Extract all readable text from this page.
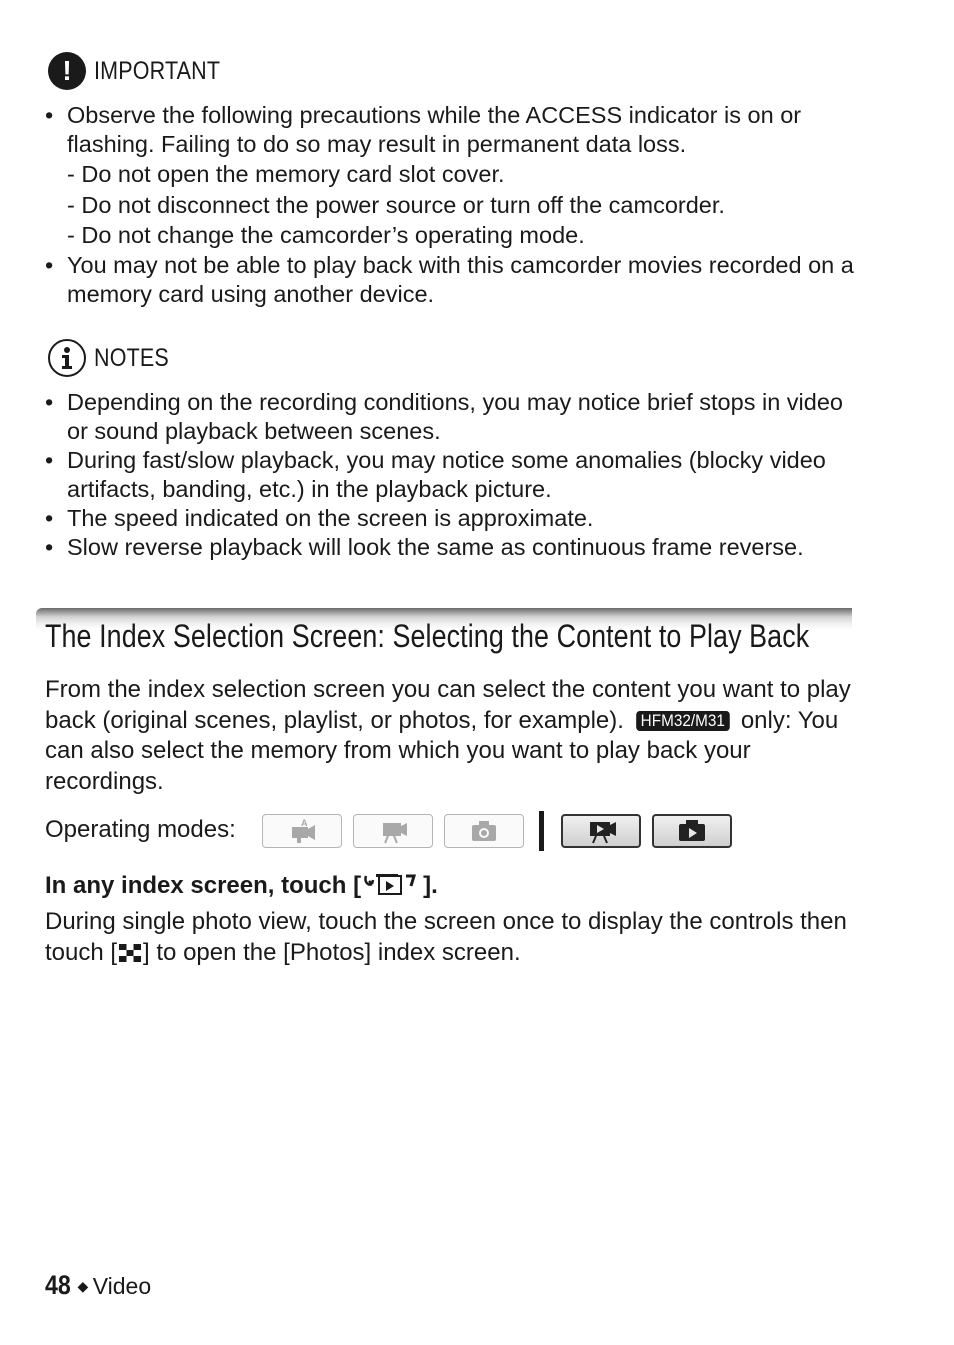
! IMPORTANT
• Observe the following precautions while the ACCESS indicator is on or flashing. Failing to do so may result in permanent data loss.
- Do not open the memory card slot cover.
- Do not disconnect the power source or turn off the camcorder.
- Do not change the camcorder’s operating mode.
• You may not be able to play back with this camcorder movies recorded on a memory card using another device.
NOTES
• Depending on the recording conditions, you may notice brief stops in video or sound playback between scenes.
• During fast/slow playback, you may notice some anomalies (blocky video artifacts, banding, etc.) in the playback picture.
• The speed indicated on the screen is approximate.
• Slow reverse playback will look the same as continuous frame reverse.
The Index Selection Screen: Selecting the Content to Play Back
From the index selection screen you can select the content you want to play back (original scenes, playlist, or photos, for example). HFM32/M31 only: You can also select the memory from which you want to play back your recordings.
Operating modes:	A
In any index screen, touch [	].
During single photo view, touch the screen once to display the controls then touch [ ] to open the [Photos] index screen.
48 ◆ Video
